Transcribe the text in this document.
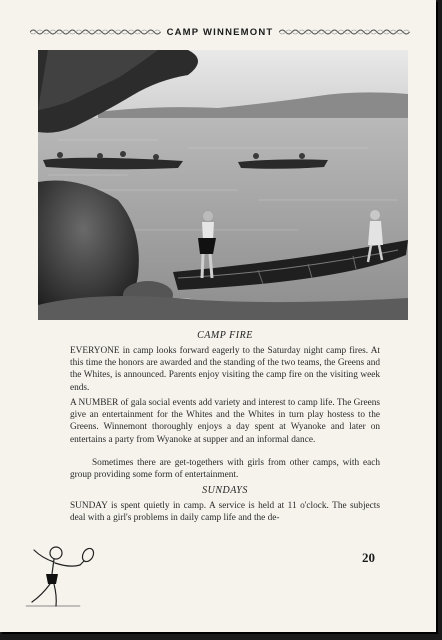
CAMP WINNEMONT
CAMP FIRE

EVERYONE in camp looks forward eagerly to the Saturday night camp fires. At this time the honors are awarded and the standing of the two teams, the Greens and the Whites, is announced. Parents enjoy visiting the camp fire on the visiting week ends.

A NUMBER of gala social events add variety and interest to camp life. The Greens give an entertainment for the Whites and the Whites in turn play hostess to the Greens. Winnemont thoroughly enjoys a day spent at Wyanoke and later on entertains a party from Wyanoke at supper and an informal dance.

Sometimes there are get-togethers with girls from other camps, with each group providing some form of entertainment.

SUNDAYS

SUNDAY is spent quietly in camp. A service is held at 11 o'clock. The subjects deal with a girl's problems in daily camp life and the de-

20
